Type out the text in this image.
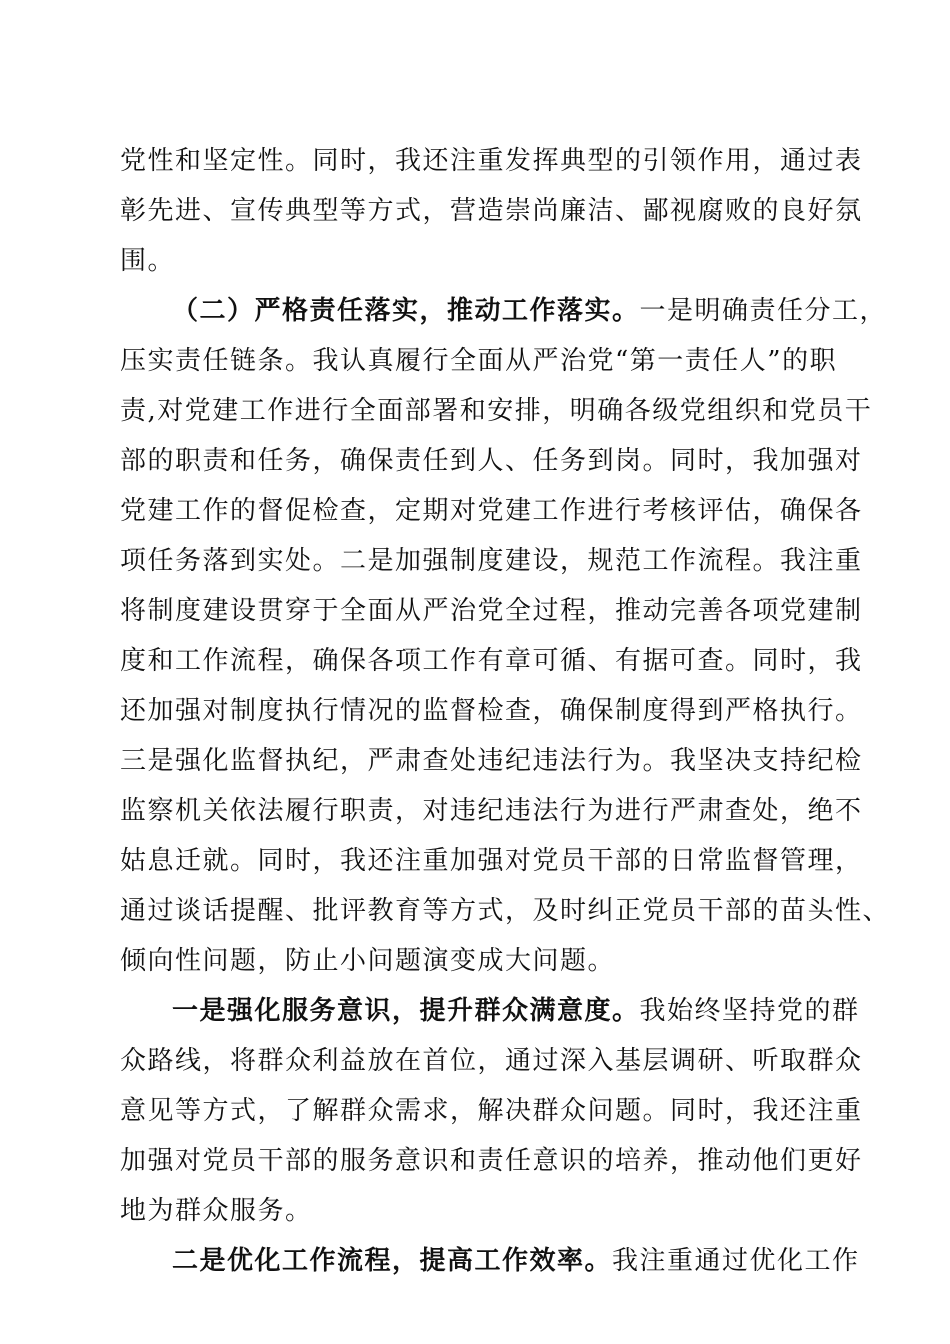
党性和坚定性。同时，我还注重发挥典型的引领作用，通过表
彰先进、宣传典型等方式，营造崇尚廉洁、鄙视腐败的良好氛
围。
（二）严格责任落实，推动工作落实。一是明确责任分工，
压实责任链条。我认真履行全面从严治党“第一责任人”的职
责,对党建工作进行全面部署和安排，明确各级党组织和党员干
部的职责和任务，确保责任到人、任务到岗。同时，我加强对
党建工作的督促检查，定期对党建工作进行考核评估，确保各
项任务落到实处。二是加强制度建设，规范工作流程。我注重
将制度建设贯穿于全面从严治党全过程，推动完善各项党建制
度和工作流程，确保各项工作有章可循、有据可查。同时，我
还加强对制度执行情况的监督检查，确保制度得到严格执行。
三是强化监督执纪，严肃查处违纪违法行为。我坚决支持纪检
监察机关依法履行职责，对违纪违法行为进行严肃查处，绝不
姑息迁就。同时，我还注重加强对党员干部的日常监督管理，
通过谈话提醒、批评教育等方式，及时纠正党员干部的苗头性、
倾向性问题，防止小问题演变成大问题。
一是强化服务意识，提升群众满意度。我始终坚持党的群
众路线，将群众利益放在首位，通过深入基层调研、听取群众
意见等方式，了解群众需求，解决群众问题。同时，我还注重
加强对党员干部的服务意识和责任意识的培养，推动他们更好
地为群众服务。
二是优化工作流程，提高工作效率。我注重通过优化工作
